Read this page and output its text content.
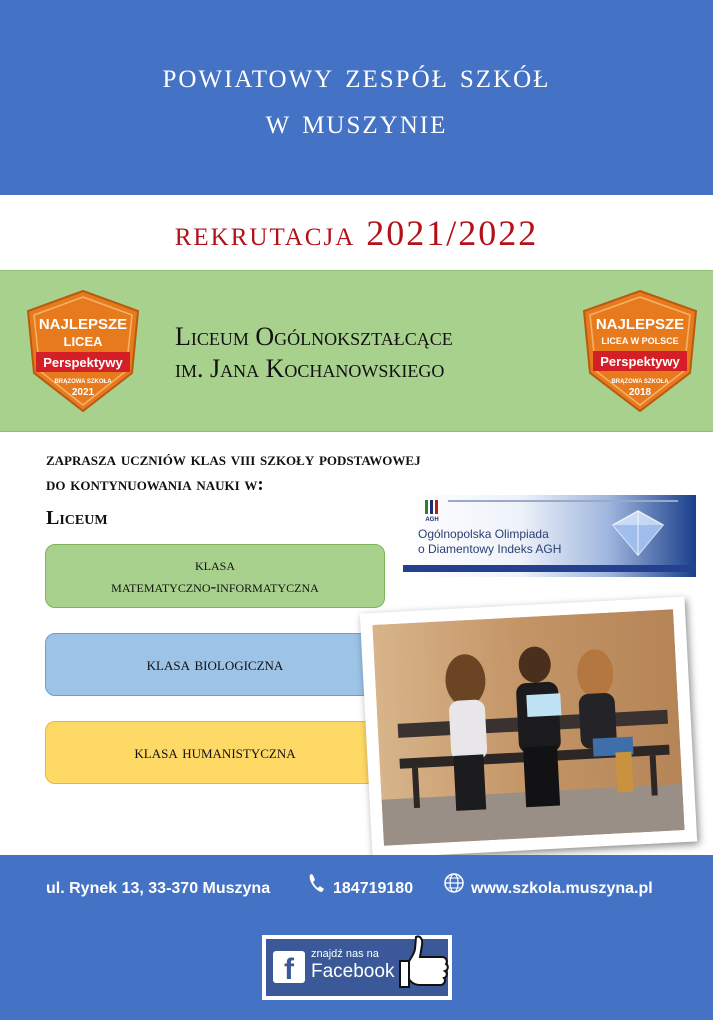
powiatowy zespół szkół
w muszynie
rekrutacja 2021/2022
NAJLEPSZE
LICEA
Perspektywy
BRĄZOWA SZKOŁA
2021
Liceum Ogólnokształcące
im. Jana Kochanowskiego
NAJLEPSZE
LICEA W POLSCE
Perspektywy
BRĄZOWA SZKOŁA
2018
zaprasza uczniów klas viii szkoły podstawowej
do kontynuowania nauki w:
Liceum
klasa
matematyczno-informatyczna
klasa biologiczna
klasa humanistyczna
AGH
Ogólnopolska Olimpiada
o Diamentowy Indeks AGH
ul. Rynek 13, 33-370 Muszyna	184719180	www.szkola.muszyna.pl
f	znajdź nas na
Facebook
